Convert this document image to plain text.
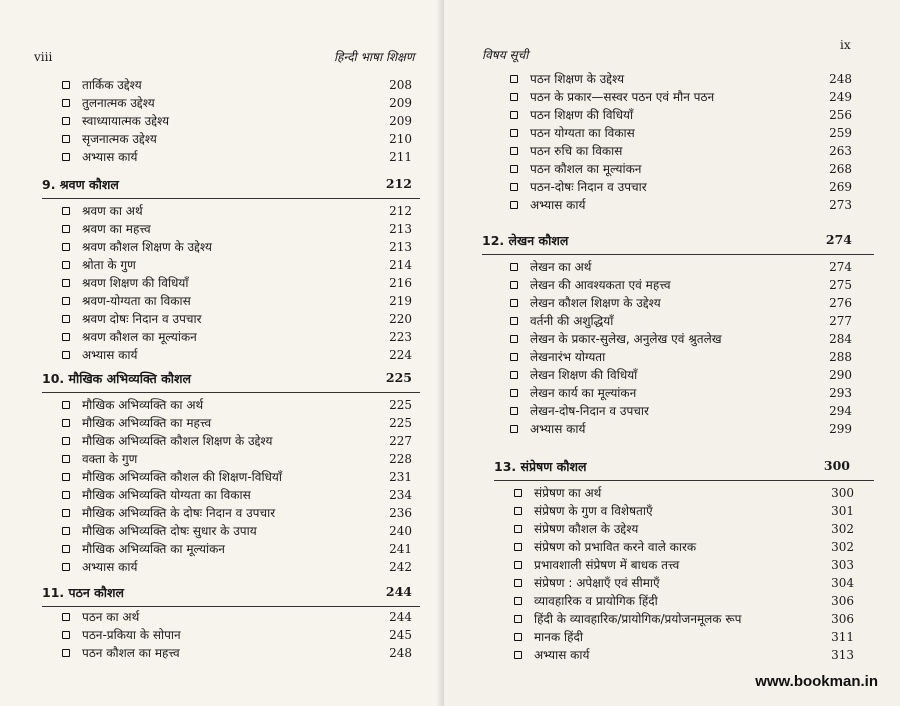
viii	हिन्दी भाषा शिक्षण
तार्किक उद्देश्य	208
तुलनात्मक उद्देश्य	209
स्वाध्यायात्मक उद्देश्य	209
सृजनात्मक उद्देश्य	210
अभ्यास कार्य	211
9. श्रवण कौशल	212
श्रवण का अर्थ	212
श्रवण का महत्त्व	213
श्रवण कौशल शिक्षण के उद्देश्य	213
श्रोता के गुण	214
श्रवण शिक्षण की विधियाँ	216
श्रवण-योग्यता का विकास	219
श्रवण दोषः निदान व उपचार	220
श्रवण कौशल का मूल्यांकन	223
अभ्यास कार्य	224
10. मौखिक अभिव्यक्ति कौशल	225
मौखिक अभिव्यक्ति का अर्थ	225
मौखिक अभिव्यक्ति का महत्त्व	225
मौखिक अभिव्यक्ति कौशल शिक्षण के उद्देश्य	227
वक्ता के गुण	228
मौखिक अभिव्यक्ति कौशल की शिक्षण-विधियाँ	231
मौखिक अभिव्यक्ति योग्यता का विकास	234
मौखिक अभिव्यक्ति के दोषः निदान व उपचार	236
मौखिक अभिव्यक्ति दोषः सुधार के उपाय	240
मौखिक अभिव्यक्ति का मूल्यांकन	241
अभ्यास कार्य	242
11. पठन कौशल	244
पठन का अर्थ	244
पठन-प्रकिया के सोपान	245
पठन कौशल का महत्त्व	248
विषय सूची
ix
पठन शिक्षण के उद्देश्य	248
पठन के प्रकार—सस्वर पठन एवं मौन पठन	249
पठन शिक्षण की विधियाँ	256
पठन योग्यता का विकास	259
पठन रुचि का विकास	263
पठन कौशल का मूल्यांकन	268
पठन-दोषः निदान व उपचार	269
अभ्यास कार्य	273
12. लेखन कौशल	274
लेखन का अर्थ	274
लेखन की आवश्यकता एवं महत्त्व	275
लेखन कौशल शिक्षण के उद्देश्य	276
वर्तनी की अशुद्धियाँ	277
लेखन के प्रकार-सुलेख, अनुलेख एवं श्रुतलेख	284
लेखनारंभ योग्यता	288
लेखन शिक्षण की विधियाँ	290
लेखन कार्य का मूल्यांकन	293
लेखन-दोष-निदान व उपचार	294
अभ्यास कार्य	299
13. संप्रेषण कौशल	300
संप्रेषण का अर्थ	300
संप्रेषण के गुण व विशेषताएँ	301
संप्रेषण कौशल के उद्देश्य	302
संप्रेषण को प्रभावित करने वाले कारक	302
प्रभावशाली संप्रेषण में बाधक तत्त्व	303
संप्रेषण : अपेक्षाएँ एवं सीमाएँ	304
व्यावहारिक व प्रायोगिक हिंदी	306
हिंदी के व्यावहारिक/प्रायोगिक/प्रयोजनमूलक रूप	306
मानक हिंदी	311
अभ्यास कार्य	313
www.bookman.in
